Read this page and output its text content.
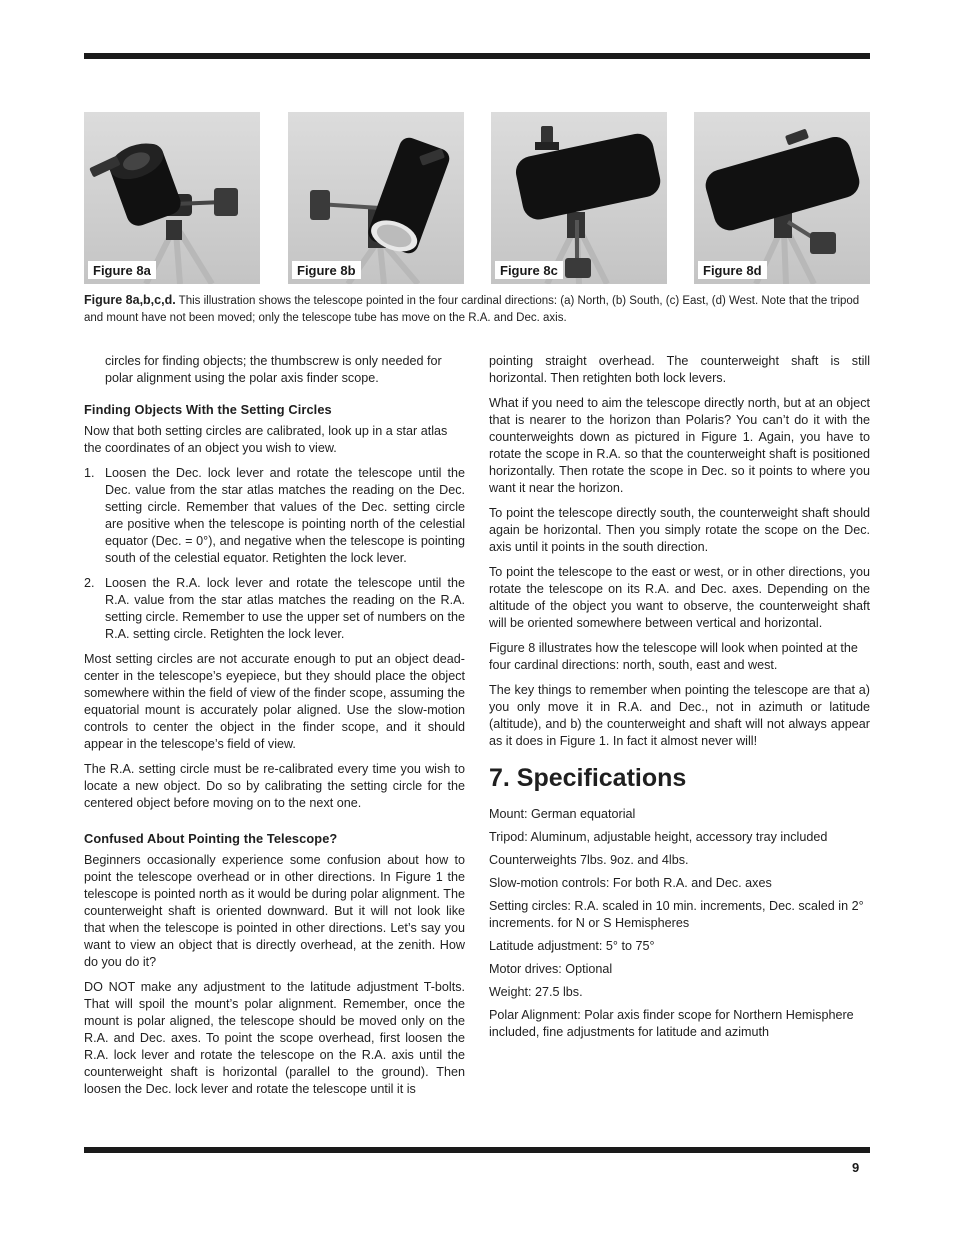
Figure 8a	Figure 8b	Figure 8c	Figure 8d
Figure 8a,b,c,d. This illustration shows the telescope pointed in the four cardinal directions: (a) North, (b) South, (c) East, (d) West. Note that the tripod and mount have not been moved; only the telescope tube has move on the R.A. and Dec. axis.

circles for finding objects; the thumbscrew is only needed for polar alignment using the polar axis finder scope.

Finding Objects With the Setting Circles

Now that both setting circles are calibrated, look up in a star atlas the coordinates of an object you wish to view.

1. Loosen the Dec. lock lever and rotate the telescope until the Dec. value from the star atlas matches the reading on the Dec. setting circle. Remember that values of the Dec. setting circle are positive when the telescope is pointing north of the celestial equator (Dec. = 0°), and negative when the telescope is pointing south of the celestial equator. Retighten the lock lever.
2. Loosen the R.A. lock lever and rotate the telescope until the R.A. value from the star atlas matches the reading on the R.A. setting circle. Remember to use the upper set of numbers on the R.A. setting circle. Retighten the lock lever.

Most setting circles are not accurate enough to put an object dead-center in the telescope’s eyepiece, but they should place the object somewhere within the field of view of the finder scope, assuming the equatorial mount is accurately polar aligned. Use the slow-motion controls to center the object in the finder scope, and it should appear in the telescope’s field of view.

The R.A. setting circle must be re-calibrated every time you wish to locate a new object. Do so by calibrating the setting circle for the centered object before moving on to the next one.

Confused About Pointing the Telescope?

Beginners occasionally experience some confusion about how to point the telescope overhead or in other directions. In Figure 1 the telescope is pointed north as it would be during polar alignment. The counterweight shaft is oriented downward. But it will not look like that when the telescope is pointed in other directions. Let’s say you want to view an object that is directly overhead, at the zenith. How do you do it?

DO NOT make any adjustment to the latitude adjustment T-bolts. That will spoil the mount’s polar alignment. Remember, once the mount is polar aligned, the telescope should be moved only on the R.A. and Dec. axes. To point the scope overhead, first loosen the R.A. lock lever and rotate the telescope on the R.A. axis until the counterweight shaft is horizontal (parallel to the ground). Then loosen the Dec. lock lever and rotate the telescope until it is

pointing straight overhead. The counterweight shaft is still horizontal. Then retighten both lock levers.

What if you need to aim the telescope directly north, but at an object that is nearer to the horizon than Polaris? You can’t do it with the counterweights down as pictured in Figure 1. Again, you have to rotate the scope in R.A. so that the counterweight shaft is positioned horizontally. Then rotate the scope in Dec. so it points to where you want it near the horizon.

To point the telescope directly south, the counterweight shaft should again be horizontal. Then you simply rotate the scope on the Dec. axis until it points in the south direction.

To point the telescope to the east or west, or in other directions, you rotate the telescope on its R.A. and Dec. axes. Depending on the altitude of the object you want to observe, the counterweight shaft will be oriented somewhere between vertical and horizontal.

Figure 8 illustrates how the telescope will look when pointed at the four cardinal directions: north, south, east and west.

The key things to remember when pointing the telescope are that a) you only move it in R.A. and Dec., not in azimuth or latitude (altitude), and b) the counterweight and shaft will not always appear as it does in Figure 1. In fact it almost never will!

7. Specifications

Mount: German equatorial

Tripod: Aluminum, adjustable height, accessory tray included

Counterweights 7lbs. 9oz. and 4lbs.

Slow-motion controls: For both R.A. and Dec. axes

Setting circles: R.A. scaled in 10 min. increments, Dec. scaled in 2° increments. for N or S Hemispheres

Latitude adjustment: 5° to 75°

Motor drives: Optional

Weight: 27.5 lbs.

Polar Alignment: Polar axis finder scope for Northern Hemisphere included, fine adjustments for latitude and azimuth

9
